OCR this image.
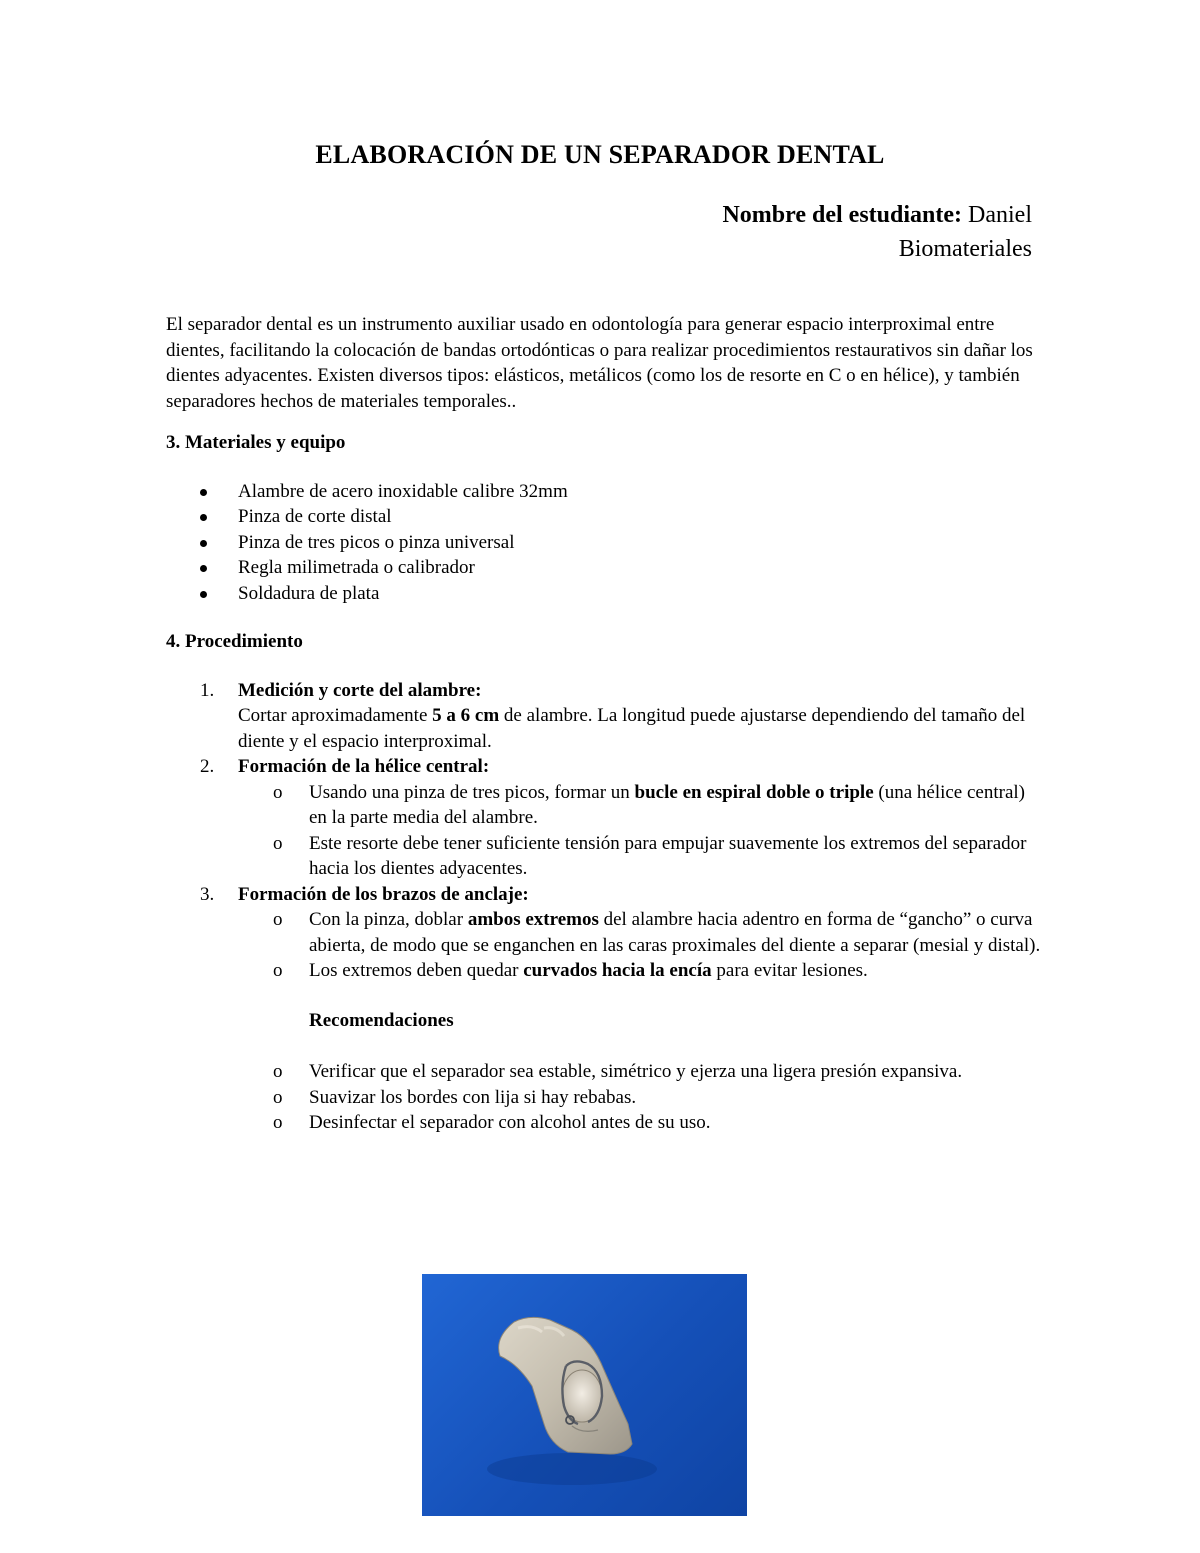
ELABORACIÓN DE UN SEPARADOR DENTAL
Nombre del estudiante: Daniel
Biomateriales

El separador dental es un instrumento auxiliar usado en odontología para generar espacio interproximal entre dientes, facilitando la colocación de bandas ortodónticas o para realizar procedimientos restaurativos sin dañar los dientes adyacentes. Existen diversos tipos: elásticos, metálicos (como los de resorte en C o en hélice), y también separadores hechos de materiales temporales..

3. Materiales y equipo

Alambre de acero inoxidable calibre 32mm
Pinza de corte distal
Pinza de tres picos o pinza universal
Regla milimetrada o calibrador
Soldadura de plata

4. Procedimiento

1. Medición y corte del alambre:
Cortar aproximadamente 5 a 6 cm de alambre. La longitud puede ajustarse dependiendo del tamaño del diente y el espacio interproximal.
2. Formación de la hélice central:
o Usando una pinza de tres picos, formar un bucle en espiral doble o triple (una hélice central) en la parte media del alambre.
o Este resorte debe tener suficiente tensión para empujar suavemente los extremos del separador hacia los dientes adyacentes.
3. Formación de los brazos de anclaje:
o Con la pinza, doblar ambos extremos del alambre hacia adentro en forma de “gancho” o curva abierta, de modo que se enganchen en las caras proximales del diente a separar (mesial y distal).
o Los extremos deben quedar curvados hacia la encía para evitar lesiones.

Recomendaciones

o Verificar que el separador sea estable, simétrico y ejerza una ligera presión expansiva.
o Suavizar los bordes con lija si hay rebabas.
o Desinfectar el separador con alcohol antes de su uso.
